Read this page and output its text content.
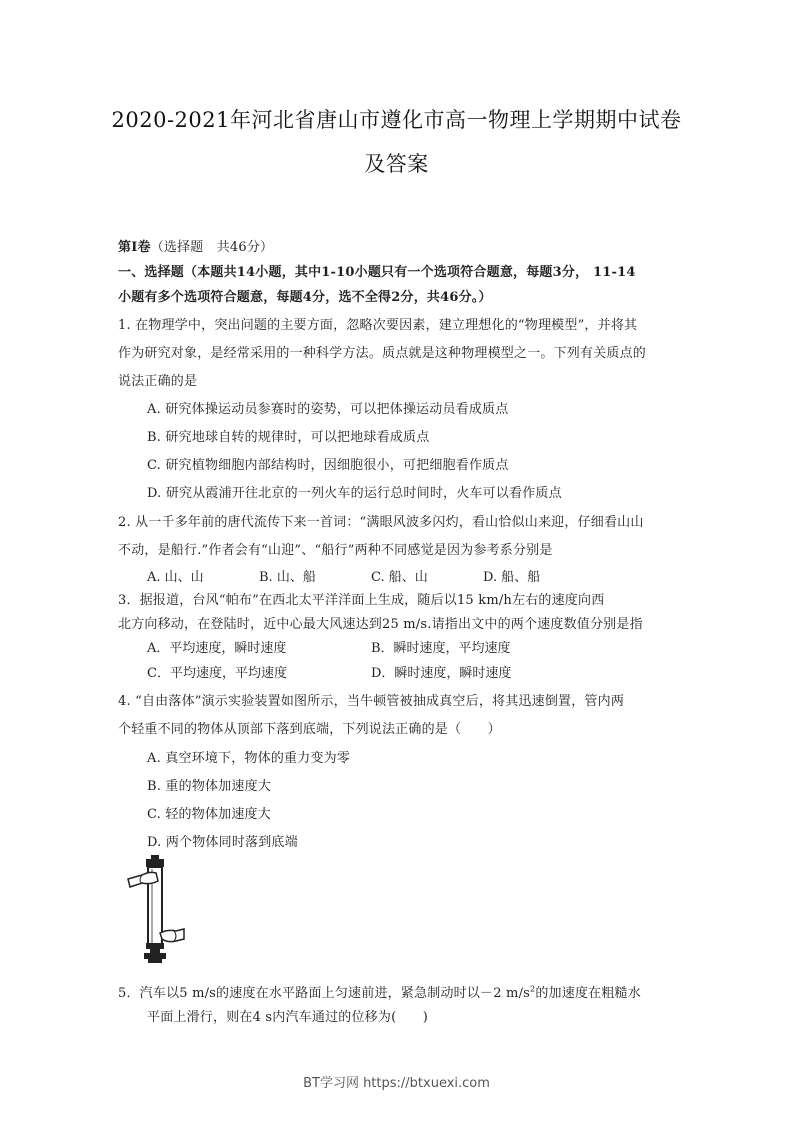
2020-2021年河北省唐山市遵化市高一物理上学期期中试卷
及答案
第Ⅰ卷（选择题　共46分）
一、选择题（本题共14小题，其中1-10小题只有一个选项符合题意，每题3分， 11-14
小题有多个选项符合题意，每题4分，选不全得2分，共46分。）
1. 在物理学中，突出问题的主要方面，忽略次要因素，建立理想化的“物理模型”，并将其
作为研究对象，是经常采用的一种科学方法。质点就是这种物理模型之一。下列有关质点的
说法正确的是
A. 研究体操运动员参赛时的姿势，可以把体操运动员看成质点
B. 研究地球自转的规律时，可以把地球看成质点
C. 研究植物细胞内部结构时，因细胞很小，可把细胞看作质点
D. 研究从霞浦开往北京的一列火车的运行总时间时，火车可以看作质点
2. 从一千多年前的唐代流传下来一首词：“满眼风波多闪灼，看山恰似山来迎，仔细看山山
不动，是船行.”作者会有“山迎”、“船行”两种不同感觉是因为参考系分别是
A. 山、山	B. 山、船	C. 船、山	D. 船、船
3．据报道，台风“帕布”在西北太平洋洋面上生成，随后以15 km/h左右的速度向西
北方向移动，在登陆时，近中心最大风速达到25 m/s.请指出文中的两个速度数值分别是指
A．平均速度，瞬时速度	B．瞬时速度，平均速度
C．平均速度，平均速度	D．瞬时速度，瞬时速度
4. “自由落体”演示实验装置如图所示，当牛顿管被抽成真空后，将其迅速倒置，管内两
个轻重不同的物体从顶部下落到底端，下列说法正确的是（　　）
A. 真空环境下，物体的重力变为零
B. 重的物体加速度大
C. 轻的物体加速度大
D. 两个物体同时落到底端
5．汽车以5 m/s的速度在水平路面上匀速前进，紧急制动时以－2 $m/s^2$的加速度在粗糙水
平面上滑行，则在4 s内汽车通过的位移为(　　)
BT学习网 https://btxuexi.com
